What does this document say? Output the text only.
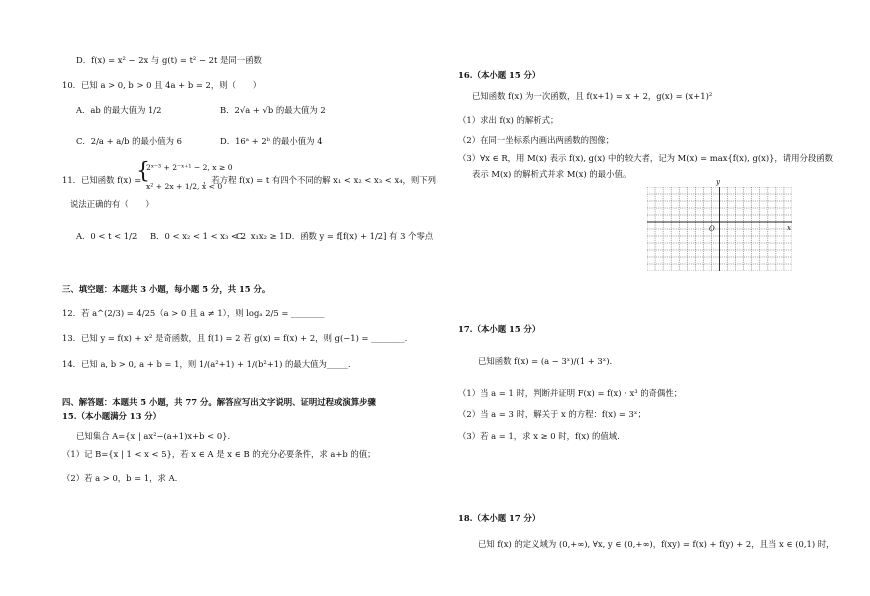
D．f(x) = x² − 2x 与 g(t) = t² − 2t 是同一函数
10．已知 a > 0, b > 0 且 4a + b = 2，则（　　）
A．ab 的最大值为 1/2	B．2√a + √b 的最大值为 2
C．2/a + a/b 的最小值为 6	D．16ᵃ + 2ᵇ 的最小值为 4
11．已知函数 f(x) =
{
2ˣ⁻³ + 2⁻ˣ⁺¹ − 2, x ≥ 0
x² + 2x + 1/2, x < 0
，若方程 f(x) = t 有四个不同的解 x₁ < x₂ < x₃ < x₄，则下列
说法正确的有（　　）
A．0 < t < 1/2 B．0 < x₂ < 1 < x₃ < 2
C．x₁x₂ ≥ 1 D．函数 y = f[f(x) + 1/2] 有 3 个零点
三、填空题：本题共 3 小题，每小题 5 分，共 15 分。
12．若 a^(2/3) = 4/25（a > 0 且 a ≠ 1），则 logₐ 2/5 = ________
13．已知 y = f(x) + x² 是奇函数，且 f(1) = 2 若 g(x) = f(x) + 2，则 g(−1) = ________.
14．已知 a, b > 0, a + b = 1，则 1/(a²+1) + 1/(b²+1) 的最大值为_____.
四、解答题：本题共 5 小题，共 77 分。解答应写出文字说明、证明过程或演算步骤
15.（本小题满分 13 分）
已知集合 A={x | ax²−(a+1)x+b < 0}.
（1）记 B={x | 1 < x < 5}，若 x ∈ A 是 x ∈ B 的充分必要条件，求 a+b 的值；
（2）若 a > 0，b = 1，求 A.
16.（本小题 15 分）
已知函数 f(x) 为一次函数，且 f(x+1) = x + 2，g(x) = (x+1)²
（1）求出 f(x) 的解析式；
（2）在同一坐标系内画出两函数的图像；
（3）∀x ∈ R，用 M(x) 表示 f(x), g(x) 中的较大者，记为 M(x) = max{f(x), g(x)}，请用分段函数
表示 M(x) 的解析式并求 M(x) 的最小值。
y
x
O
17.（本小题 15 分）
已知函数 f(x) = (a − 3ˣ)/(1 + 3ˣ).
（1）当 a = 1 时，判断并证明 F(x) = f(x) · x³ 的奇偶性；
（2）当 a = 3 时，解关于 x 的方程：f(x) = 3ˣ；
（3）若 a = 1，求 x ≥ 0 时，f(x) 的值域.
18.（本小题 17 分）
已知 f(x) 的定义域为 (0,+∞), ∀x, y ∈ (0,+∞)，f(xy) = f(x) + f(y) + 2，且当 x ∈ (0,1) 时，
